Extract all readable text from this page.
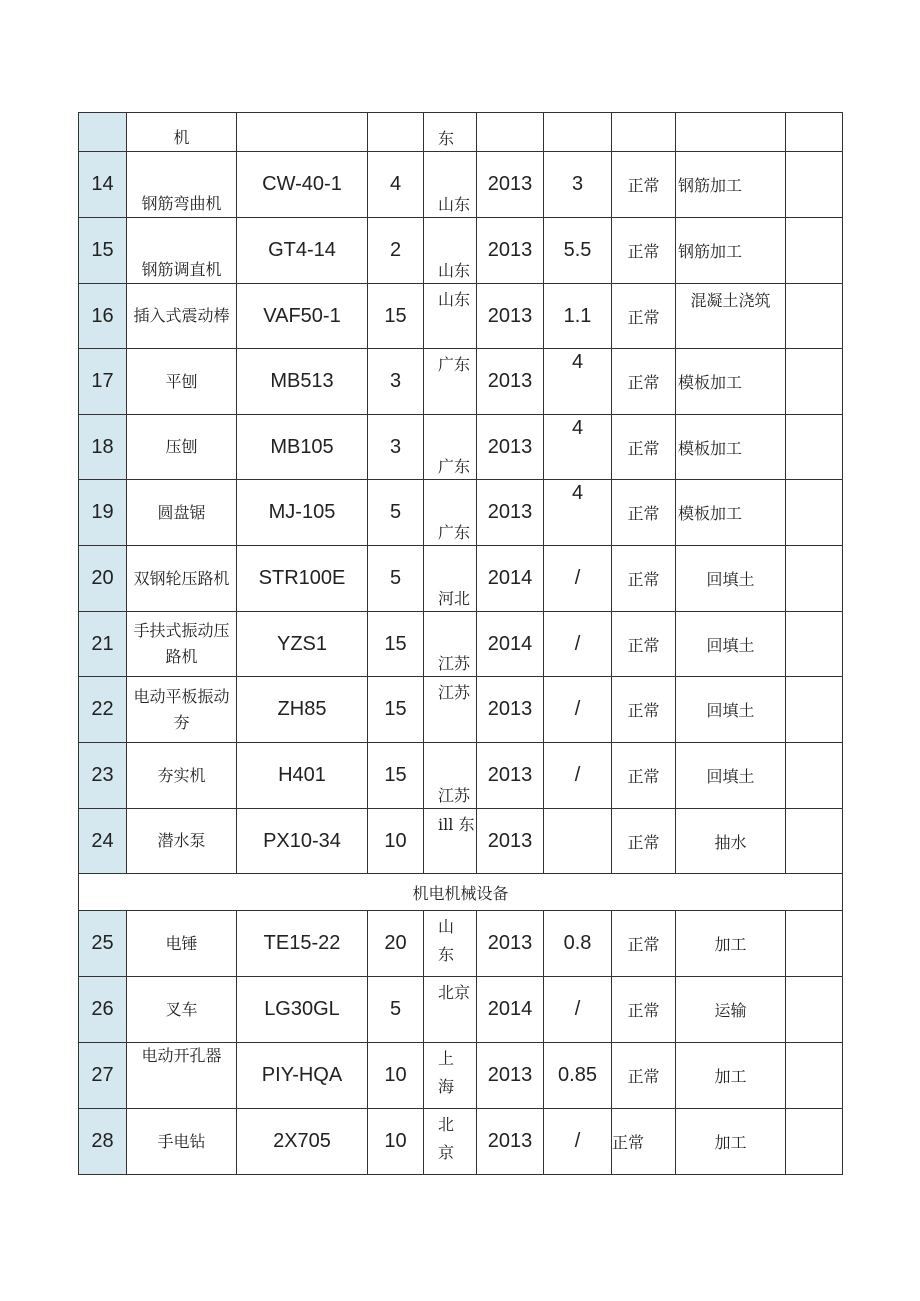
	机			东					

14	钢筋弯曲机	CW-40-1	4	山东	2013	3	正常	钢筋加工	
15	钢筋调直机	GT4-14	2	山东	2013	5.5	正常	钢筋加工	
16	插入式震动棒	VAF50-1	15	山东	2013	1.1	正常	混凝土浇筑	

17	平刨	MB513	3	广东	2013	4	正常	模板加工	
18	压刨	MB105	3	广东	2013	4	正常	模板加工	
19	圆盘锯	MJ-105	5	广东	2013	4	正常	模板加工	
20	双钢轮压路机	STR100E	5	河北	2014	/	正常	回填土	
21	手扶式振动压路机	YZS1	15	江苏	2014	/	正常	回填土	
22	电动平板振动夯	ZH85	15	江苏	2013	/	正常	回填土	
23	夯实机	H401	15	江苏	2013	/	正常	回填土	
24	潜水泵	PX10-34	10	ill 东	2013		正常	抽水	
机电机械设备									
25	电锤	TE15-22	20	山东	2013	0.8	正常	加工	
26	叉车	LG30GL	5	北京	2014	/	正常	运输	
27	电动开孔器	PIY-HQA	10	上海	2013	0.85	正常	加工	
28	手电钻	2X705	10	北京	2013	/	正常	加工	
